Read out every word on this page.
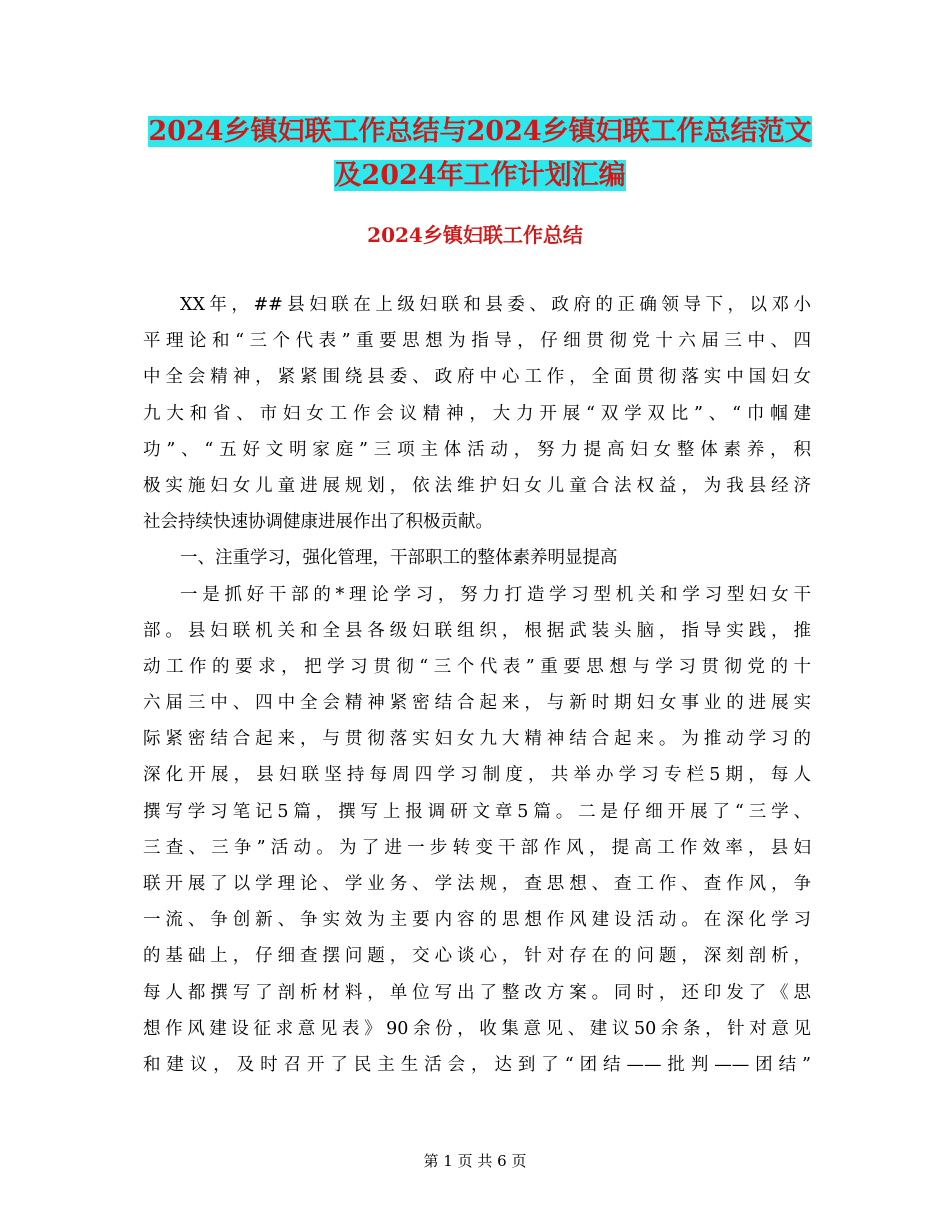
2024乡镇妇联工作总结与2024乡镇妇联工作总结范文
及2024年工作计划汇编
2024乡镇妇联工作总结
XX年，##县妇联在上级妇联和县委、政府的正确领导下，以邓小
平理论和“三个代表”重要思想为指导，仔细贯彻党十六届三中、四
中全会精神，紧紧围绕县委、政府中心工作，全面贯彻落实中国妇女
九大和省、市妇女工作会议精神，大力开展“双学双比”、“巾帼建
功”、“五好文明家庭”三项主体活动，努力提高妇女整体素养，积
极实施妇女儿童进展规划，依法维护妇女儿童合法权益，为我县经济
社会持续快速协调健康进展作出了积极贡献。
一、注重学习，强化管理，干部职工的整体素养明显提高
一是抓好干部的*理论学习，努力打造学习型机关和学习型妇女干
部。县妇联机关和全县各级妇联组织，根据武装头脑，指导实践，推
动工作的要求，把学习贯彻“三个代表”重要思想与学习贯彻党的十
六届三中、四中全会精神紧密结合起来，与新时期妇女事业的进展实
际紧密结合起来，与贯彻落实妇女九大精神结合起来。为推动学习的
深化开展，县妇联坚持每周四学习制度，共举办学习专栏5期，每人
撰写学习笔记5篇，撰写上报调研文章5篇。二是仔细开展了“三学、
三查、三争”活动。为了进一步转变干部作风，提高工作效率，县妇
联开展了以学理论、学业务、学法规，查思想、查工作、查作风，争
一流、争创新、争实效为主要内容的思想作风建设活动。在深化学习
的基础上，仔细查摆问题，交心谈心，针对存在的问题，深刻剖析，
每人都撰写了剖析材料，单位写出了整改方案。同时，还印发了《思
想作风建设征求意见表》90余份，收集意见、建议50余条，针对意见
和建议，及时召开了民主生活会，达到了“团结——批判——团结”
第 1 页 共 6 页
